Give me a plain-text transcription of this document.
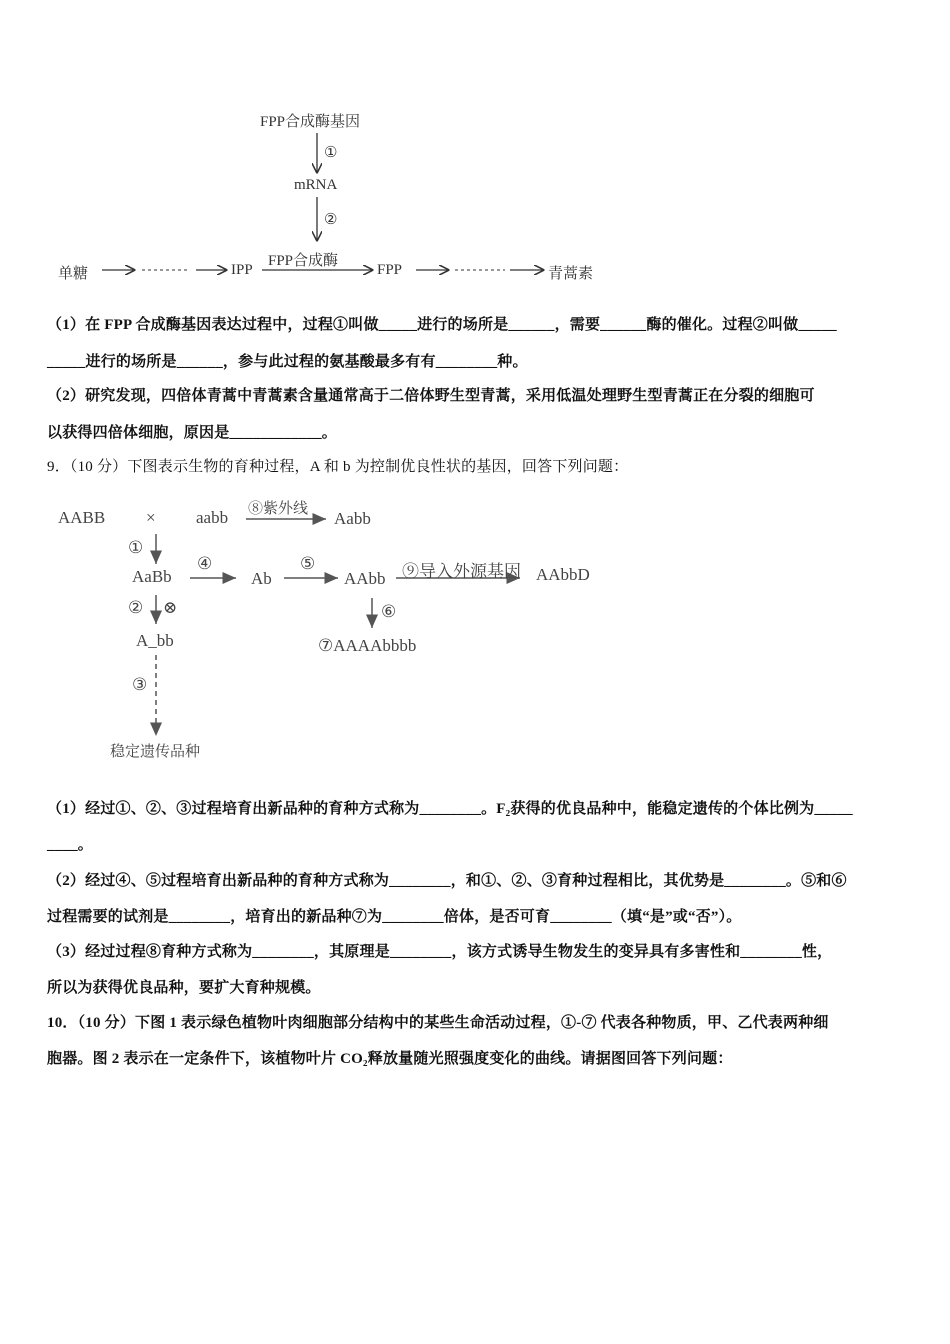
FPP合成酶基因
①
mRNA
②
FPP合成酶
单糖	IPP	FPP	青蒿素
（1）在 FPP 合成酶基因表达过程中，过程①叫做_____进行的场所是______，需要______酶的催化。过程②叫做_____
_____进行的场所是______，参与此过程的氨基酸最多有有________种。
（2）研究发现，四倍体青蒿中青蒿素含量通常高于二倍体野生型青蒿，采用低温处理野生型青蒿正在分裂的细胞可
以获得四倍体细胞，原因是____________。
9．（10 分）下图表示生物的育种过程，A 和 b 为控制优良性状的基因，回答下列问题：
AABB × aabb ⑧紫外线 Aabb
①
AaBb
④
Ab
⑤
AAbb ⑨导入外源基因 AAbbD
② ⊗
A_bb
⑥
⑦AAAAbbbb
③
稳定遗传品种
（1）经过①、②、③过程培育出新品种的育种方式称为________。F₂获得的优良品种中，能稳定遗传的个体比例为_____
____。
（2）经过④、⑤过程培育出新品种的育种方式称为________，和①、②、③育种过程相比，其优势是________。⑤和⑥
过程需要的试剂是________，培育出的新品种⑦为________倍体，是否可育________（填“是”或“否”）。
（3）经过过程⑧育种方式称为________，其原理是________，该方式诱导生物发生的变异具有多害性和________性，
所以为获得优良品种，要扩大育种规模。
10．（10 分）下图 1 表示绿色植物叶肉细胞部分结构中的某些生命活动过程，①-⑦ 代表各种物质，甲、乙代表两种细
胞器。图 2 表示在一定条件下，该植物叶片 CO₂释放量随光照强度变化的曲线。请据图回答下列问题：
